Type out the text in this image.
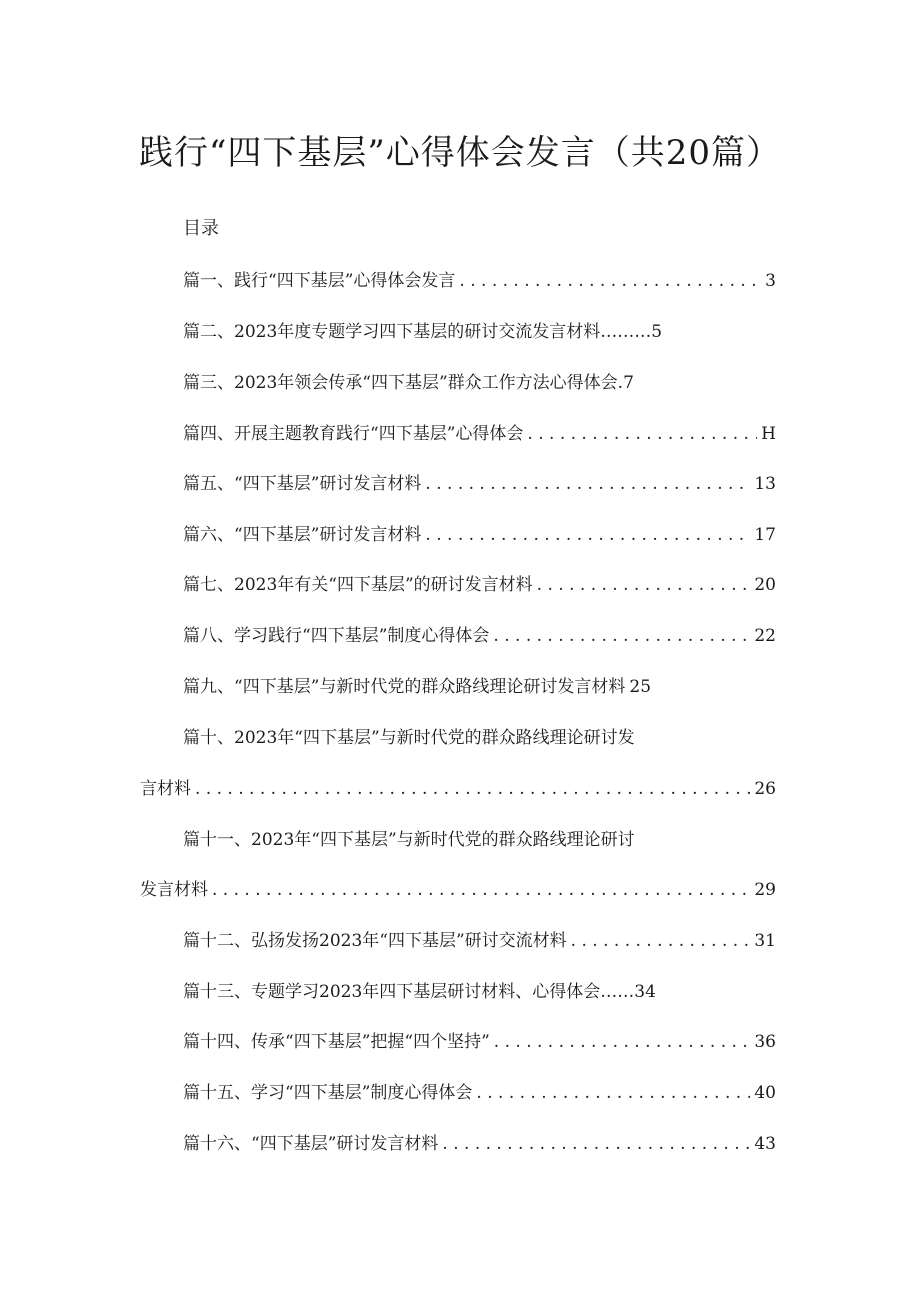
践行“四下基层”心得体会发言（共20篇）
目录
篇一、践行“四下基层”心得体会发言 . . .	3
篇二、2023年度专题学习四下基层的研讨交流发言材料……… 5
篇三、2023年领会传承“四下基层”群众工作方法心得体会. 7
篇四、开展主题教育践行“四下基层”心得体会 . . .	H
篇五、“四下基层”研讨发言材料 . . .	13
篇六、“四下基层”研讨发言材料 . . .	17
篇七、2023年有关“四下基层”的研讨发言材料 . . .	20
篇八、学习践行“四下基层”制度心得体会 . . .	22
篇九、“四下基层”与新时代党的群众路线理论研讨发言材料 25
篇十、2023年“四下基层”与新时代党的群众路线理论研讨发
言材料 . . .	26
篇十一、2023年“四下基层”与新时代党的群众路线理论研讨
发言材料 . . .	29
篇十二、弘扬发扬2023年“四下基层”研讨交流材料 . . .	31
篇十三、专题学习2023年四下基层研讨材料、心得体会…… 34
篇十四、传承“四下基层”把握“四个坚持” . . .	36
篇十五、学习“四下基层”制度心得体会 . . .	40
篇十六、“四下基层”研讨发言材料 . . .	43
